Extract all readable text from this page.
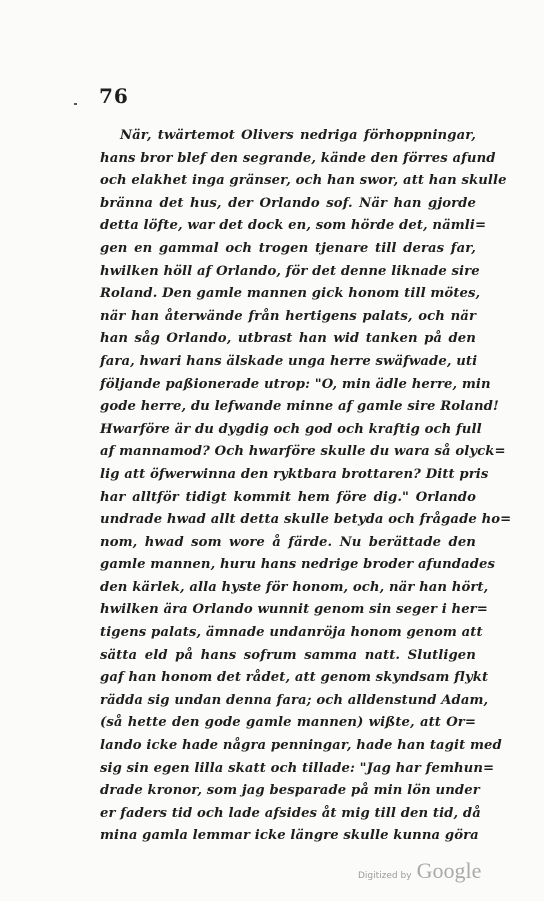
76
När, twärtemot Olivers nedriga förhoppningar,
hans bror blef den segrande, kände den förres afund
och elakhet inga gränser, och han swor, att han skulle
bränna det hus, der Orlando sof. När han gjorde
detta löfte, war det dock en, som hörde det, nämli=
gen en gammal och trogen tjenare till deras far,
hwilken höll af Orlando, för det denne liknade sire
Roland. Den gamle mannen gick honom till mötes,
när han återwände från hertigens palats, och när
han såg Orlando, utbrast han wid tanken på den
fara, hwari hans älskade unga herre swäfwade, uti
följande paßionerade utrop: "O, min ädle herre, min
gode herre, du lefwande minne af gamle sire Roland!
Hwarföre är du dygdig och god och kraftig och full
af mannamod? Och hwarföre skulle du wara så olyck=
lig att öfwerwinna den ryktbara brottaren? Ditt pris
har alltför tidigt kommit hem före dig." Orlando
undrade hwad allt detta skulle betyda och frågade ho=
nom, hwad som wore å färde. Nu berättade den
gamle mannen, huru hans nedrige broder afundades
den kärlek, alla hyste för honom, och, när han hört,
hwilken ära Orlando wunnit genom sin seger i her=
tigens palats, ämnade undanröja honom genom att
sätta eld på hans sofrum samma natt. Slutligen
gaf han honom det rådet, att genom skyndsam flykt
rädda sig undan denna fara; och alldenstund Adam,
(så hette den gode gamle mannen) wißte, att Or=
lando icke hade några penningar, hade han tagit med
sig sin egen lilla skatt och tillade: "Jag har femhun=
drade kronor, som jag besparade på min lön under
er faders tid och lade afsides åt mig till den tid, då
mina gamla lemmar icke längre skulle kunna göra
Digitized by Google
